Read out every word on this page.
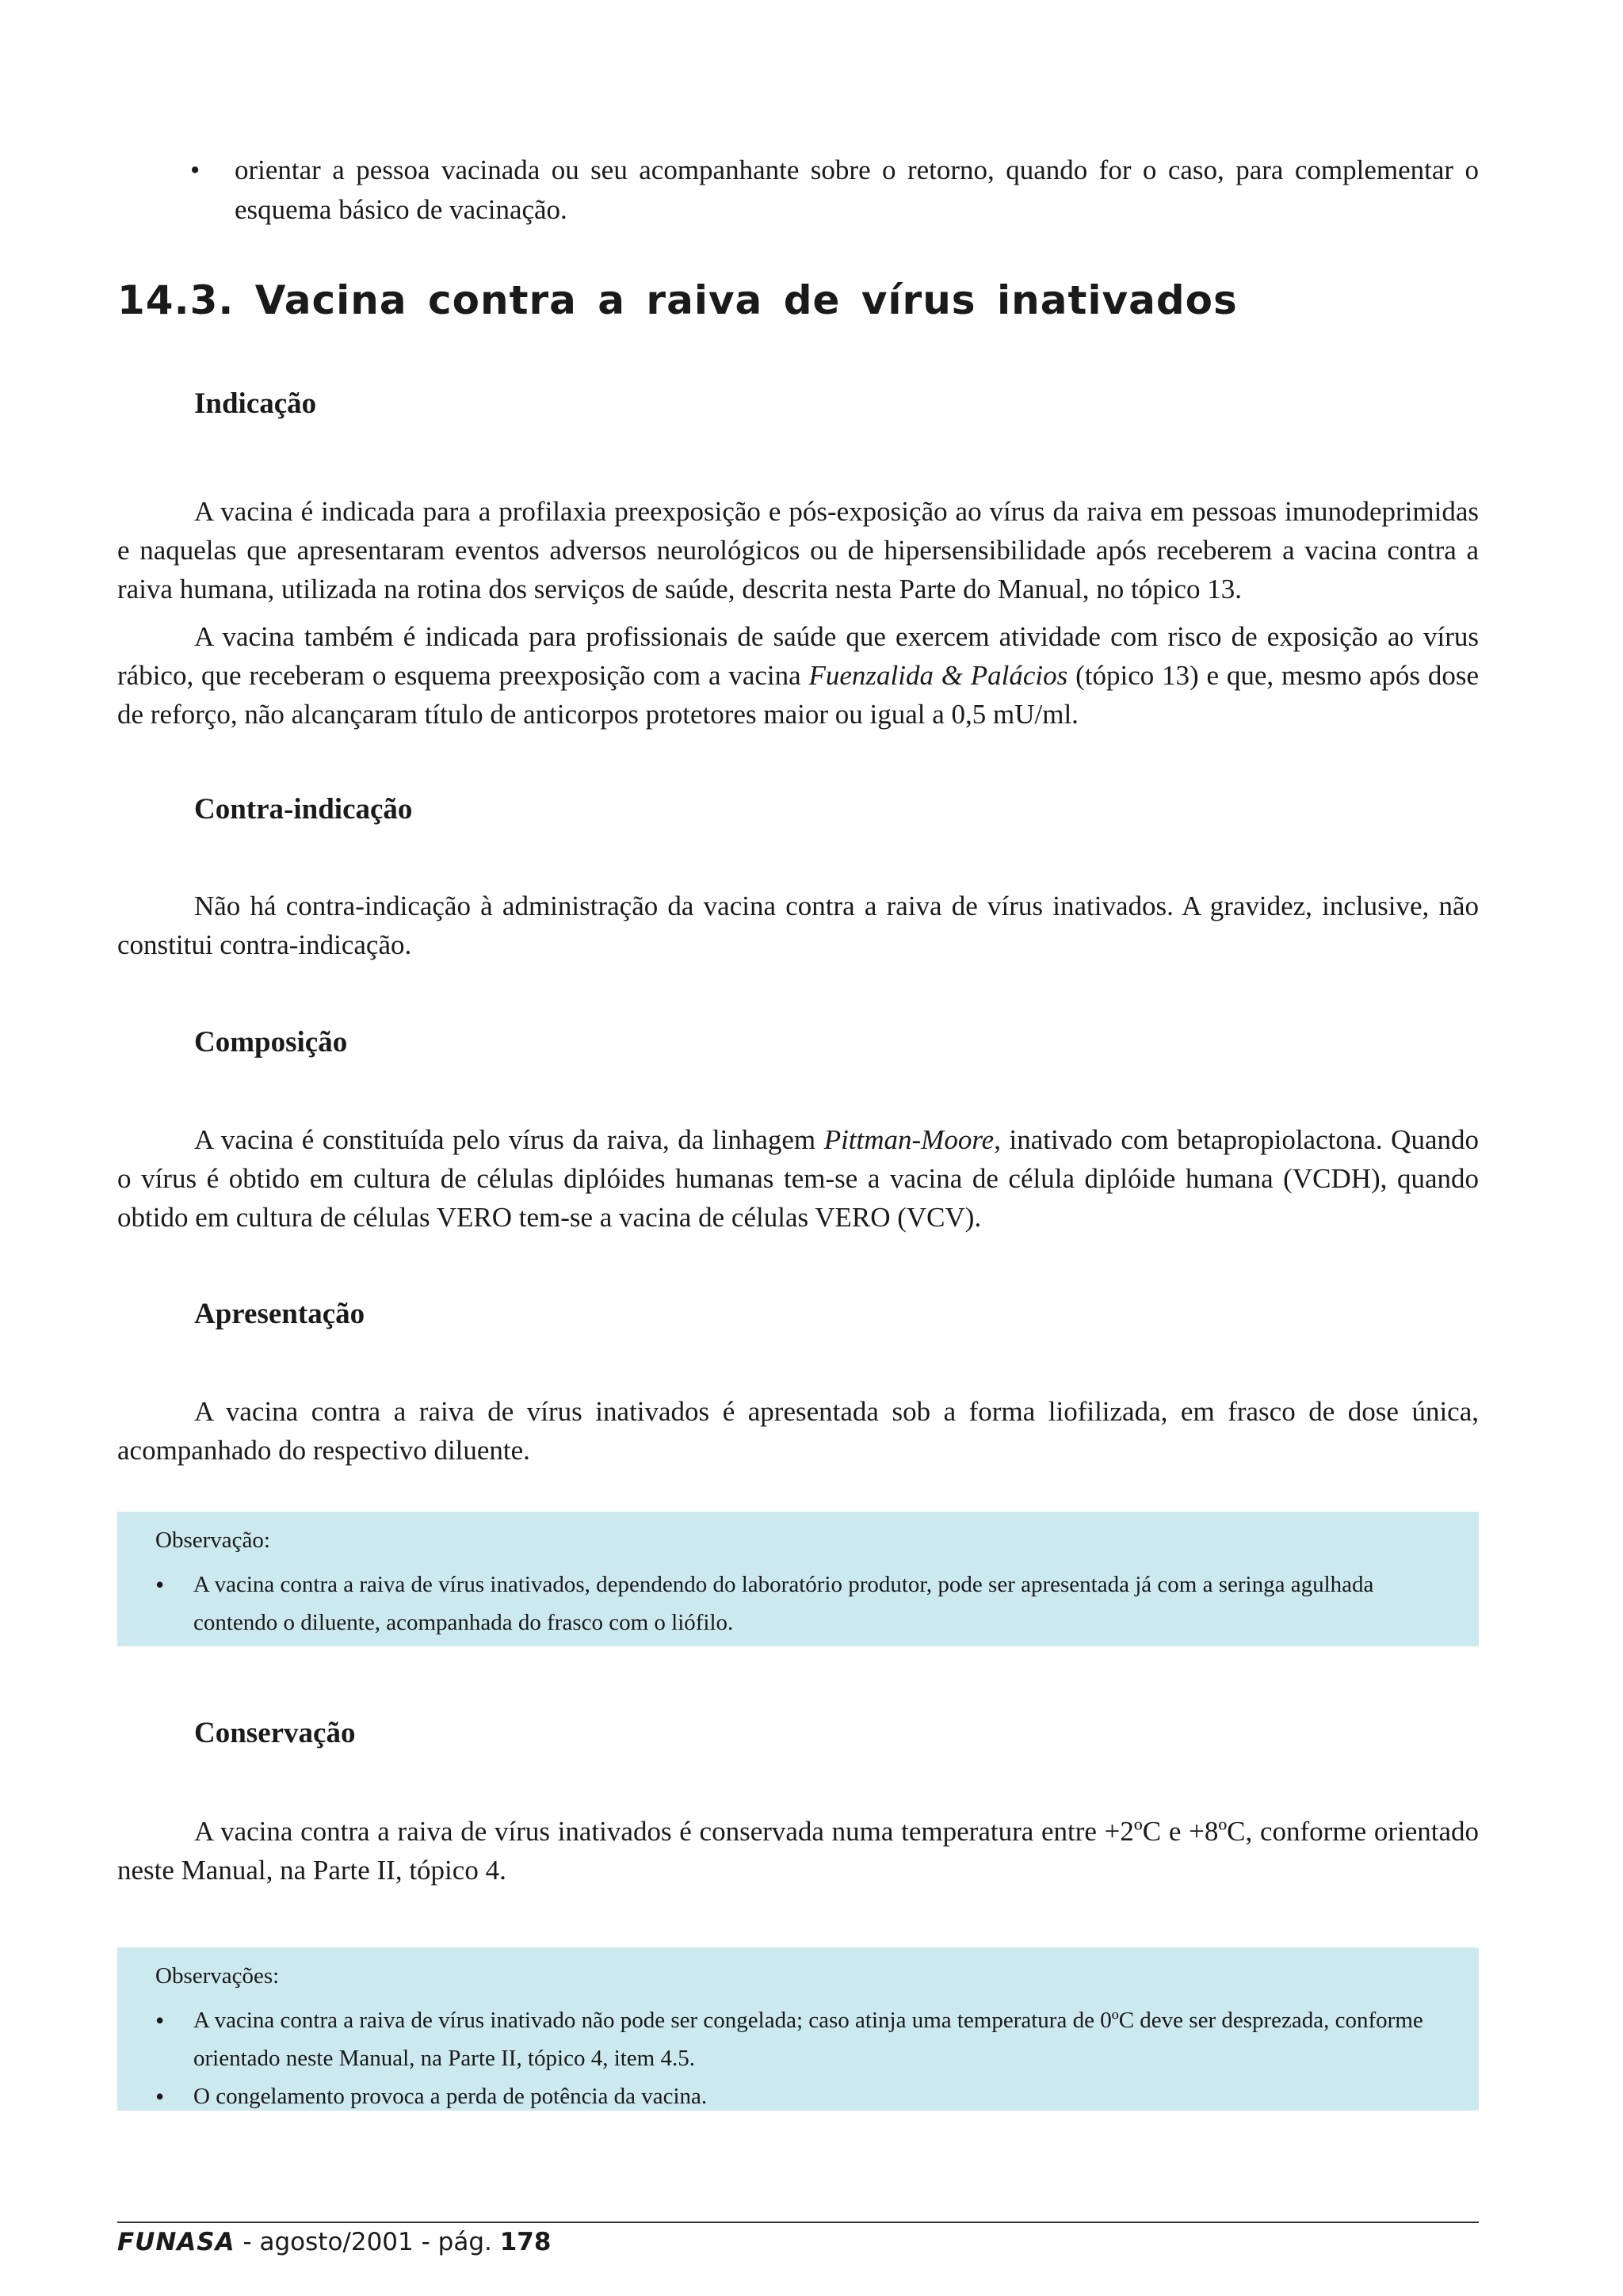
• orientar a pessoa vacinada ou seu acompanhante sobre o retorno, quando for o caso, para complementar o esquema básico de vacinação.
14.3. Vacina contra a raiva de vírus inativados
Indicação

A vacina é indicada para a profilaxia preexposição e pós-exposição ao vírus da raiva em pessoas imunodeprimidas e naquelas que apresentaram eventos adversos neurológicos ou de hipersensibilidade após receberem a vacina contra a raiva humana, utilizada na rotina dos serviços de saúde, descrita nesta Parte do Manual, no tópico 13.

A vacina também é indicada para profissionais de saúde que exercem atividade com risco de exposição ao vírus rábico, que receberam o esquema preexposição com a vacina Fuenzalida & Palácios (tópico 13) e que, mesmo após dose de reforço, não alcançaram título de anticorpos protetores maior ou igual a 0,5 mU/ml.

Contra-indicação

Não há contra-indicação à administração da vacina contra a raiva de vírus inativados. A gravidez, inclusive, não constitui contra-indicação.

Composição

A vacina é constituída pelo vírus da raiva, da linhagem Pittman-Moore, inativado com betapropiolactona. Quando o vírus é obtido em cultura de células diplóides humanas tem-se a vacina de célula diplóide humana (VCDH), quando obtido em cultura de células VERO tem-se a vacina de células VERO (VCV).

Apresentação

A vacina contra a raiva de vírus inativados é apresentada sob a forma liofilizada, em frasco de dose única, acompanhado do respectivo diluente.

Observação:
• A vacina contra a raiva de vírus inativados, dependendo do laboratório produtor, pode ser apresentada já com a seringa agulhada contendo o diluente, acompanhada do frasco com o liófilo.
Conservação

A vacina contra a raiva de vírus inativados é conservada numa temperatura entre +2ºC e +8ºC, conforme orientado neste Manual, na Parte II, tópico 4.

Observações:
• A vacina contra a raiva de vírus inativado não pode ser congelada; caso atinja uma temperatura de 0ºC deve ser desprezada, conforme orientado neste Manual, na Parte II, tópico 4, item 4.5.
• O congelamento provoca a perda de potência da vacina.
FUNASA - agosto/2001 - pág. 178
